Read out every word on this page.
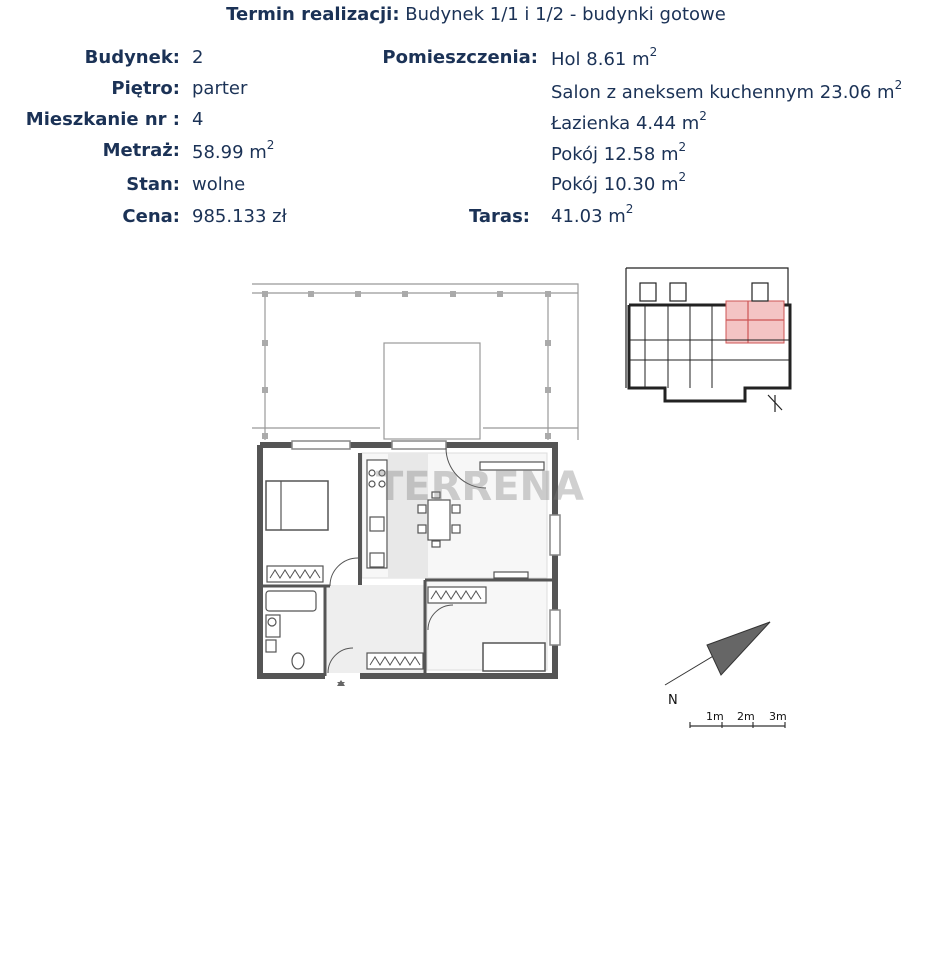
Termin realizacji: Budynek 1/1 i 1/2 - budynki gotowe
Budynek: 2
Piętro: parter
Mieszkanie nr : 4
Metraż: 58.99 $m^2$
Stan: wolne
Cena: 985.133 zł
Pomieszczenia: Hol 8.61 $m^2$
Salon z aneksem kuchennym 23.06 $m^2$
Łazienka 4.44 $m^2$
Pokój 12.58 $m^2$
Pokój 10.30 $m^2$
Taras: 41.03 $m^2$
TERRENA
N
1m 2m 3m
